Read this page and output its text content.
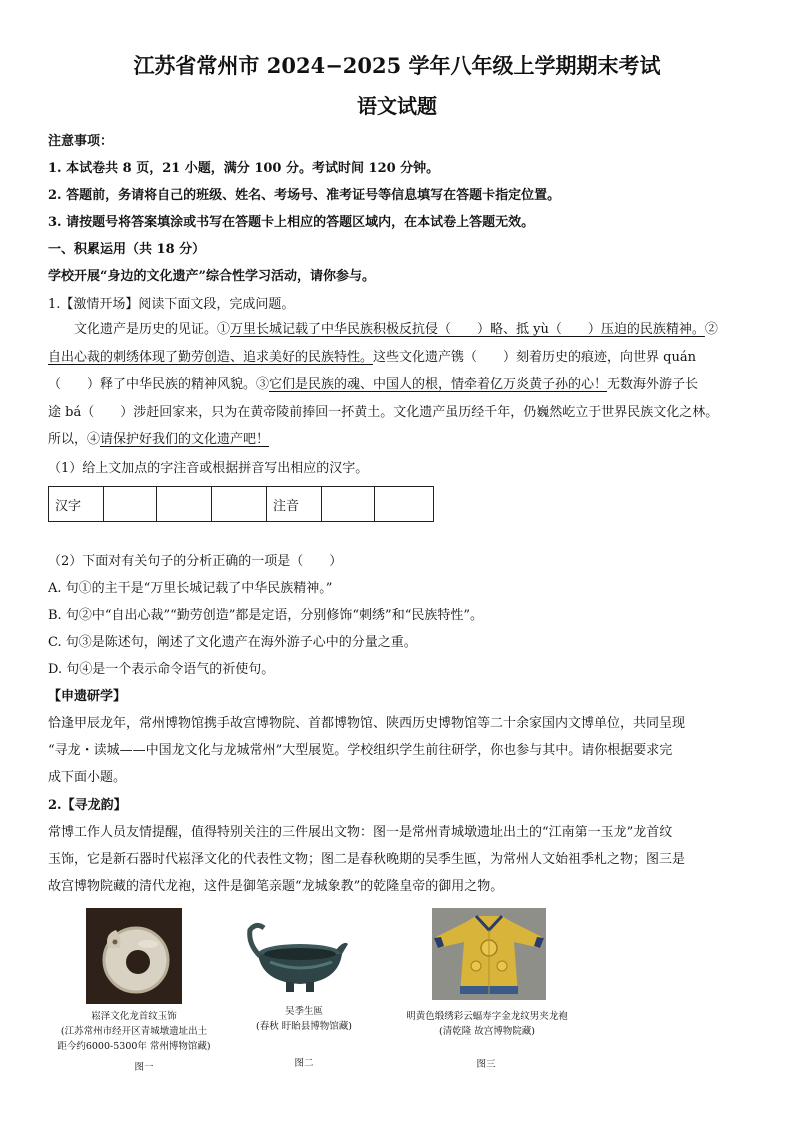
江苏省常州市 2024−2025 学年八年级上学期期末考试
语文试题
注意事项：
1. 本试卷共 8 页，21 小题，满分 100 分。考试时间 120 分钟。
2. 答题前，务请将自己的班级、姓名、考场号、准考证号等信息填写在答题卡指定位置。
3. 请按题号将答案填涂或书写在答题卡上相应的答题区域内，在本试卷上答题无效。
一、积累运用（共 18 分）
学校开展“身边的文化遗产”综合性学习活动，请你参与。
1.【激情开场】阅读下面文段，完成问题。
文化遗产是历史的见证。①万里长城记载了中华民族积极反抗侵（　　）略、抵 yù（　　）压迫的民族精神。②
自出心裁的刺绣体现了勤劳创造、追求美好的民族特性。这些文化遗产镌（　　）刻着历史的痕迹，向世界 quán
（　　）释了中华民族的精神风貌。③它们是民族的魂、中国人的根，情牵着亿万炎黄子孙的心！无数海外游子长
途 bá（　　）涉赶回家来，只为在黄帝陵前捧回一抔黄土。文化遗产虽历经千年，仍巍然屹立于世界民族文化之林。
所以，④请保护好我们的文化遗产吧！
（1）给上文加点的字注音或根据拼音写出相应的汉字。
汉字				注音		
（2）下面对有关句子的分析正确的一项是（　　）
A. 句①的主干是“万里长城记载了中华民族精神。”
B. 句②中“自出心裁”“勤劳创造”都是定语，分别修饰“刺绣”和“民族特性”。
C. 句③是陈述句，阐述了文化遗产在海外游子心中的分量之重。
D. 句④是一个表示命令语气的祈使句。
【申遗研学】
恰逢甲辰龙年，常州博物馆携手故宫博物院、首都博物馆、陕西历史博物馆等二十余家国内文博单位，共同呈现
“寻龙・读城——中国龙文化与龙城常州”大型展览。学校组织学生前往研学，你也参与其中。请你根据要求完
成下面小题。
2.【寻龙韵】
常博工作人员友情提醒，值得特别关注的三件展出文物：图一是常州青城墩遗址出土的“江南第一玉龙”龙首纹
玉饰，它是新石器时代崧泽文化的代表性文物；图二是春秋晚期的吴季生匜，为常州人文始祖季札之物；图三是
故宫博物院藏的清代龙袍，这件是御笔亲题“龙城象教”的乾隆皇帝的御用之物。
崧泽文化龙首纹玉饰
(江苏常州市经开区青城墩遗址出土
距今约6000-5300年 常州博物馆藏)
图一
吴季生匜
(春秋 盱眙县博物馆藏)
图二
明黄色缎绣彩云蝠寿字金龙纹男夹龙袍
(清乾隆 故宫博物院藏)
图三
